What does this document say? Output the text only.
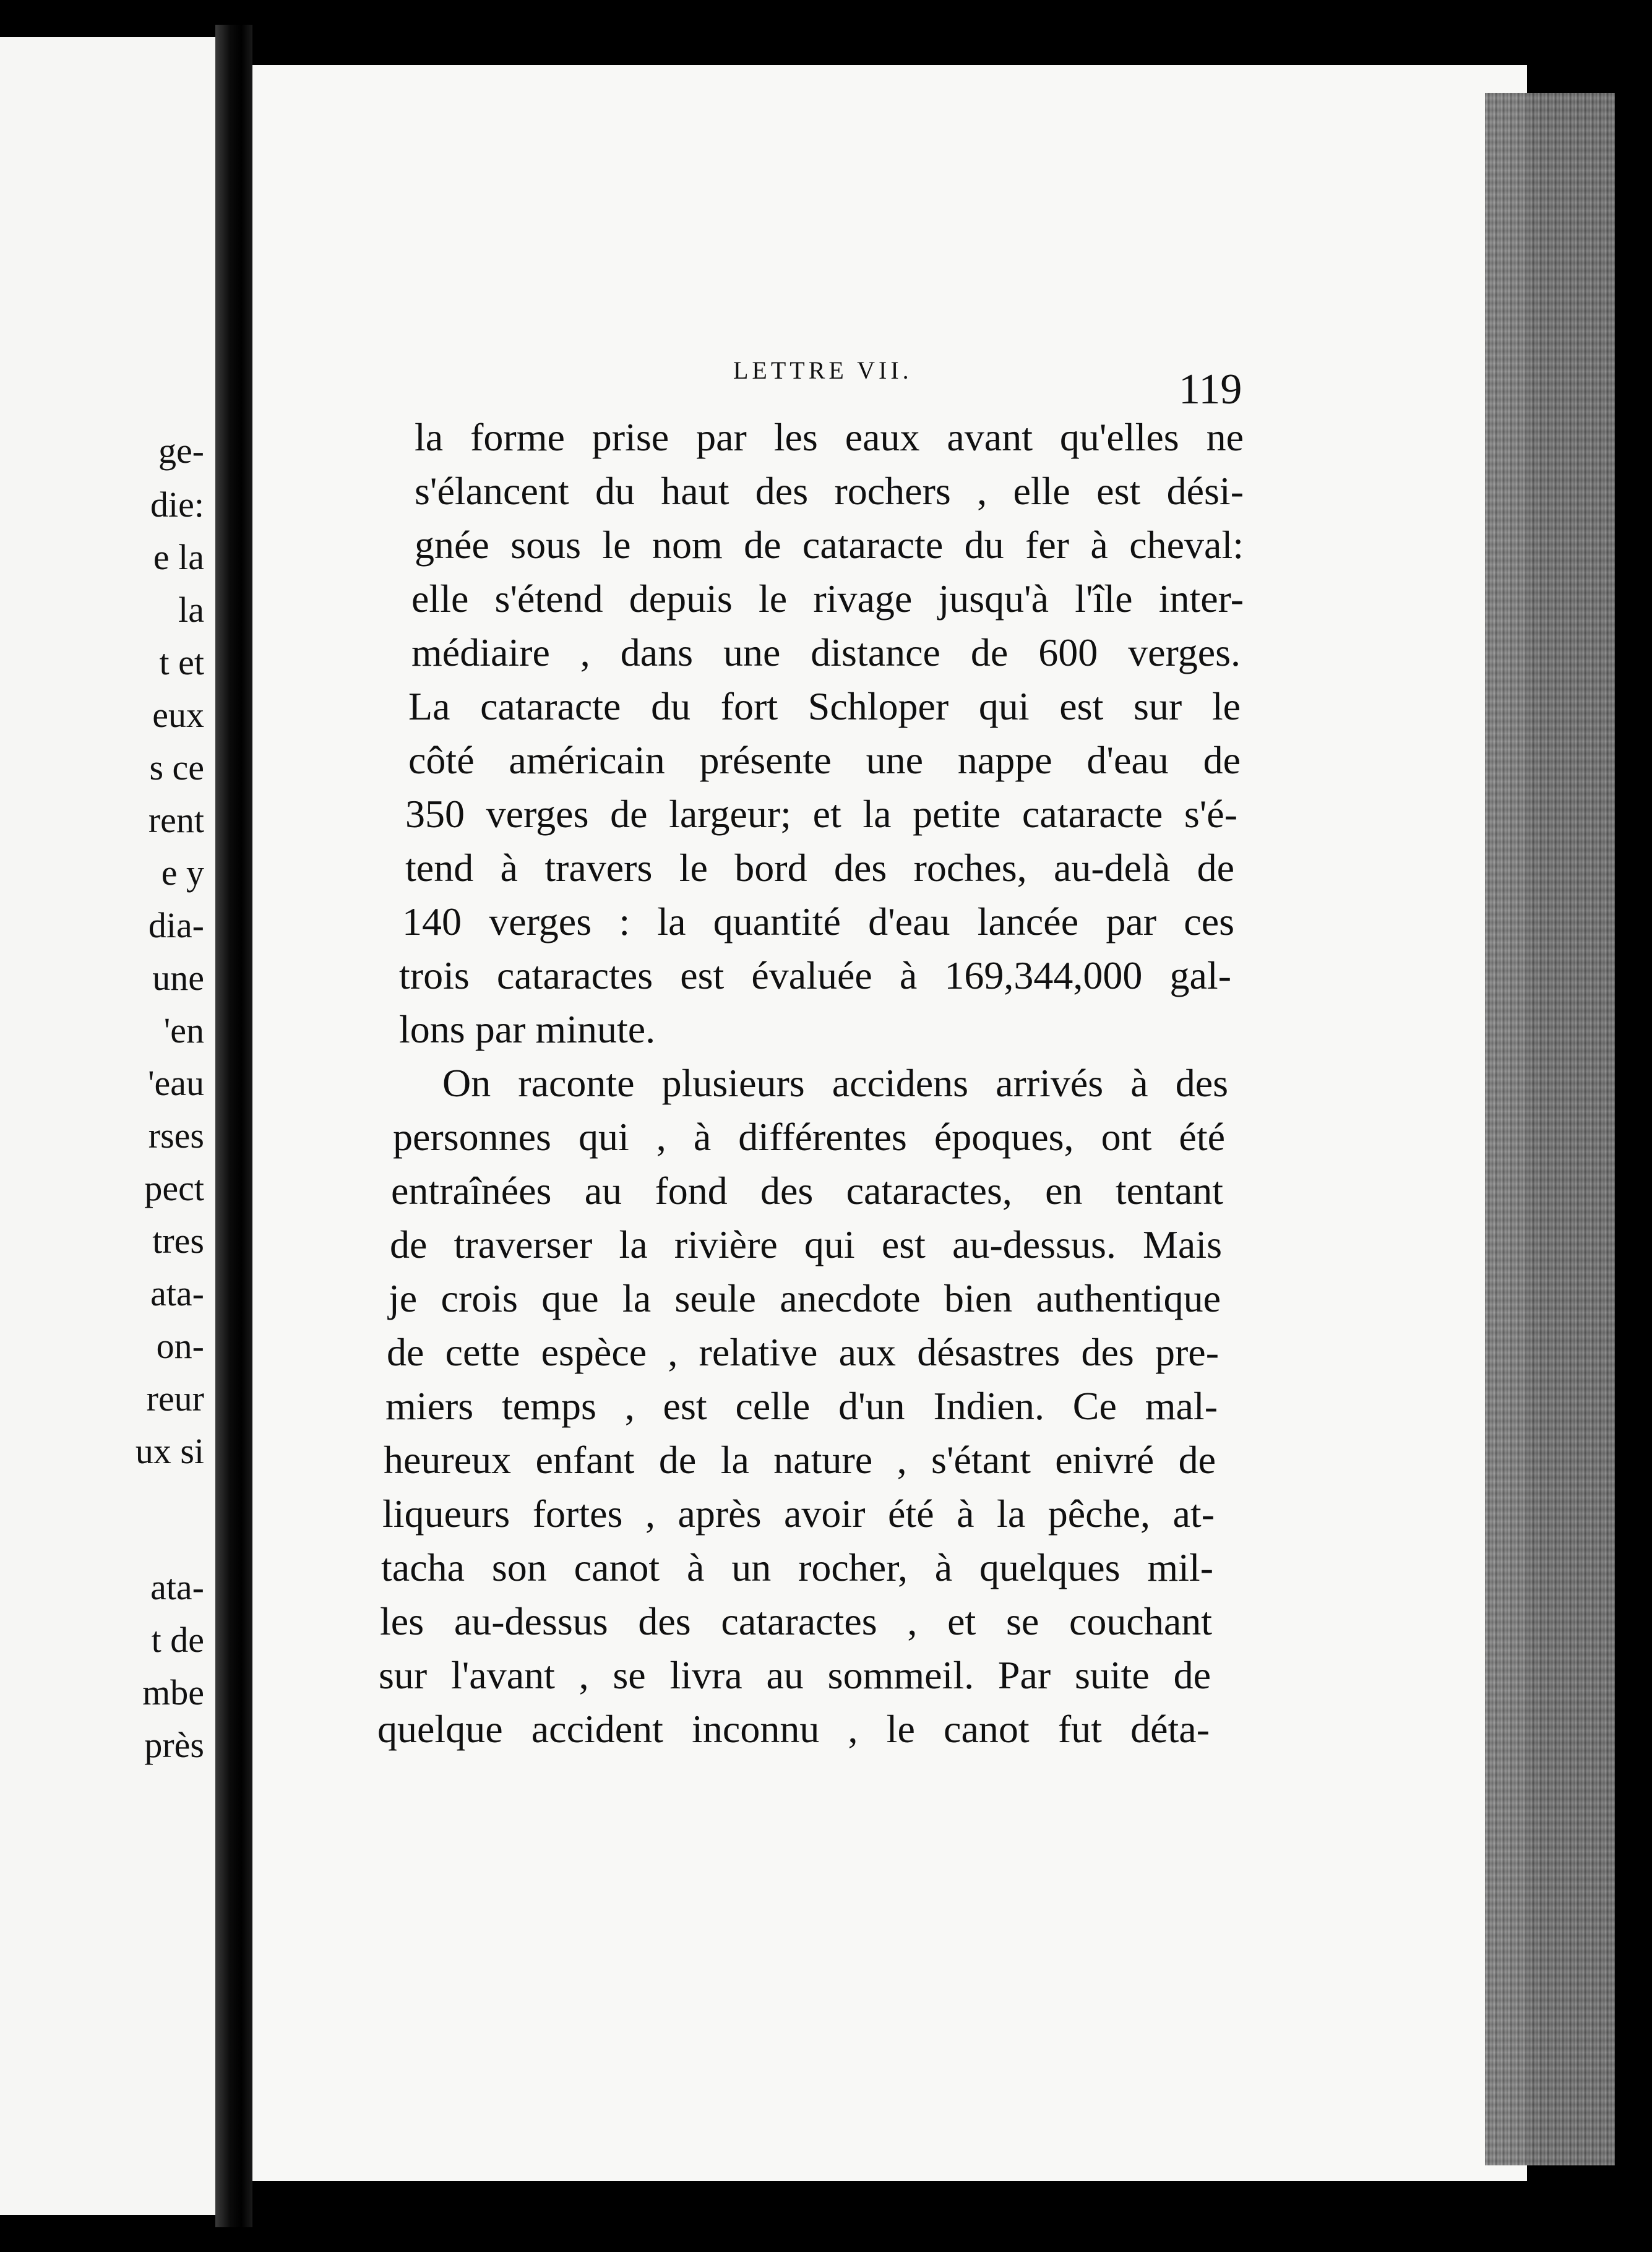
ge-

die:

e la

la

t et

eux

s ce

rent

e y

dia-

une

'en

'eau

rses

pect

tres

ata-

on-

reur

ux si

ata-

t de

mbe

près

LETTRE VII.	119

la forme prise par les eaux avant qu'elles ne

s'élancent du haut des rochers , elle est dési-

gnée sous le nom de cataracte du fer à cheval:

elle s'étend depuis le rivage jusqu'à l'île inter-

médiaire , dans une distance de 600 verges.

La cataracte du fort Schloper qui est sur le

côté américain présente une nappe d'eau de

350 verges de largeur; et la petite cataracte s'é-

tend à travers le bord des roches, au-delà de

140 verges : la quantité d'eau lancée par ces

trois cataractes est évaluée à 169,344,000 gal-

lons par minute.

On raconte plusieurs accidens arrivés à des

personnes qui , à différentes époques, ont été

entraînées au fond des cataractes, en tentant

de traverser la rivière qui est au-dessus. Mais

je crois que la seule anecdote bien authentique

de cette espèce , relative aux désastres des pre-

miers temps , est celle d'un Indien. Ce mal-

heureux enfant de la nature , s'étant enivré de

liqueurs fortes , après avoir été à la pêche, at-

tacha son canot à un rocher, à quelques mil-

les au-dessus des cataractes , et se couchant

sur l'avant , se livra au sommeil. Par suite de

quelque accident inconnu , le canot fut déta-
